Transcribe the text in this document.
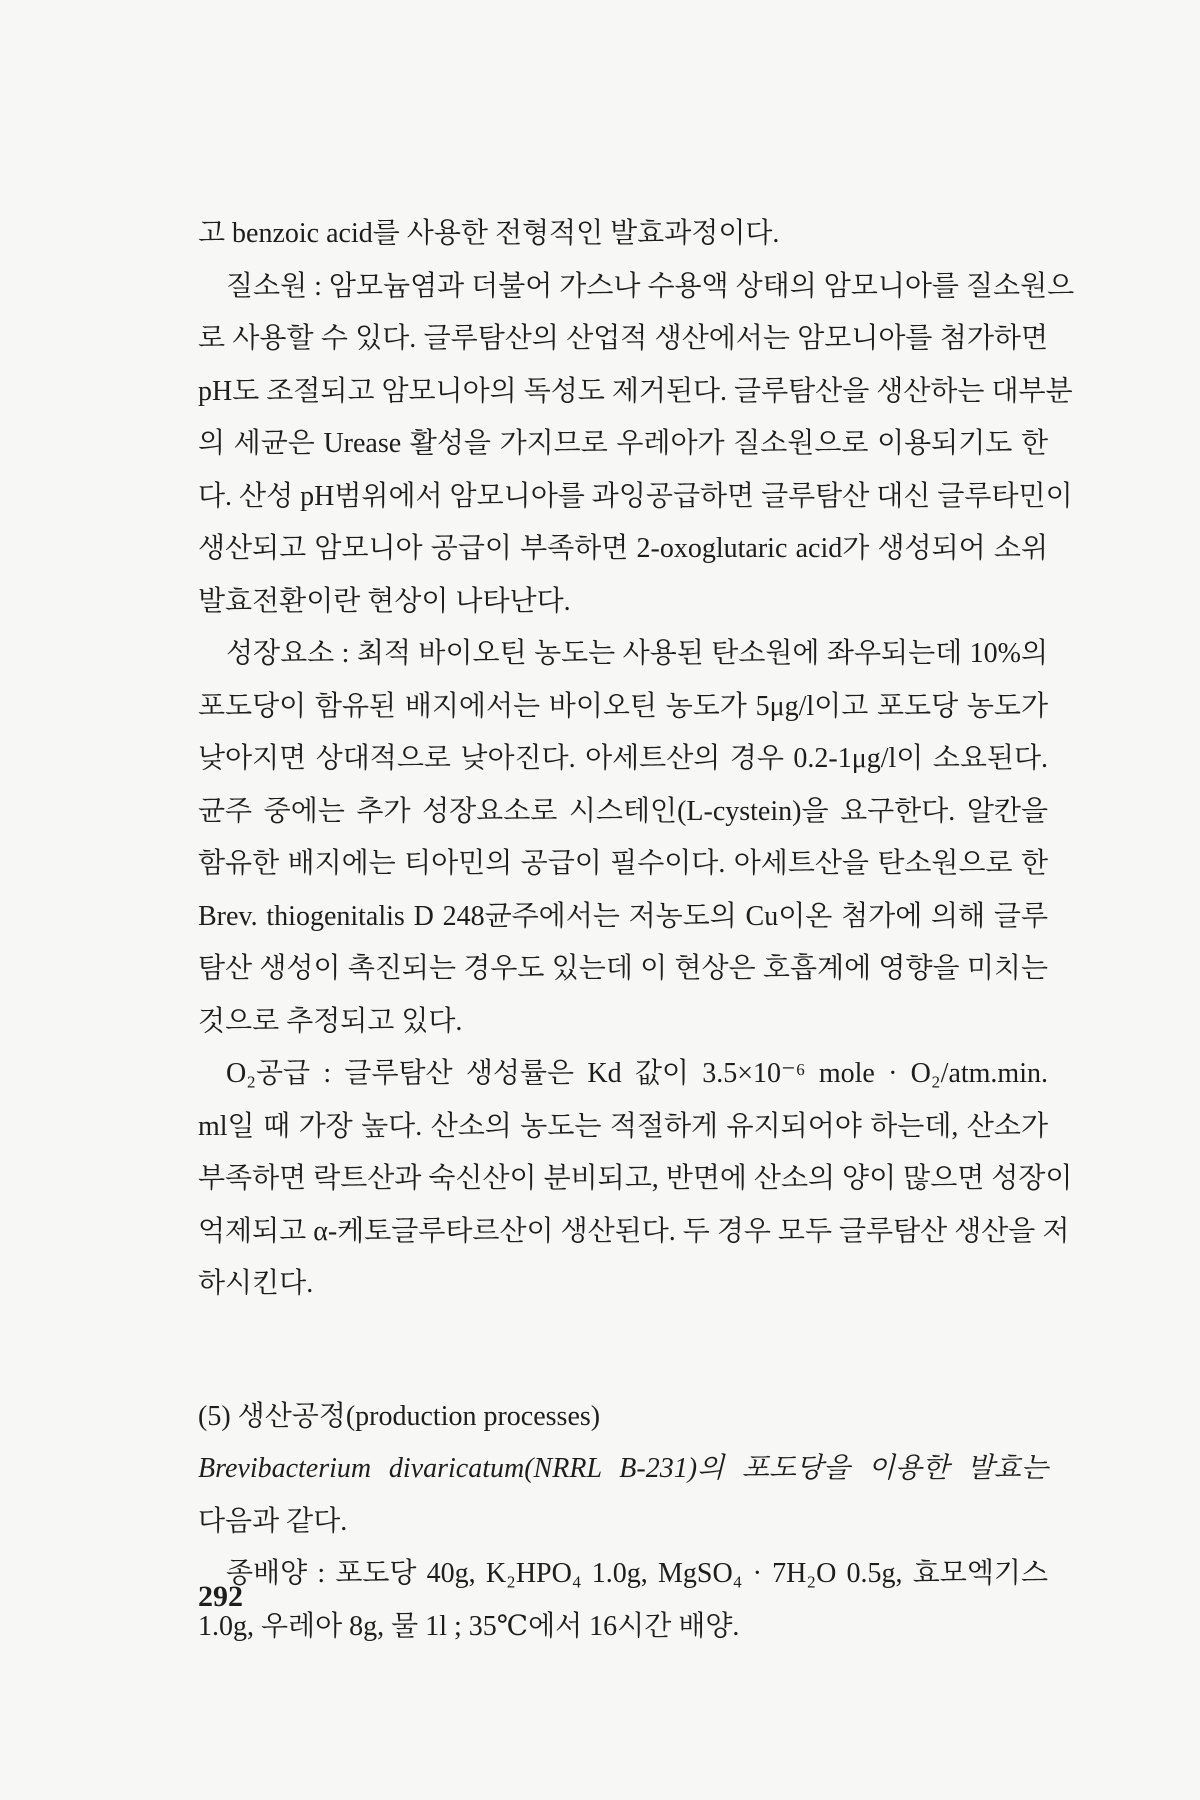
고 benzoic acid를 사용한 전형적인 발효과정이다.
질소원 : 암모늄염과 더불어 가스나 수용액 상태의 암모니아를 질소원으
로 사용할 수 있다. 글루탐산의 산업적 생산에서는 암모니아를 첨가하면
pH도 조절되고 암모니아의 독성도 제거된다. 글루탐산을 생산하는 대부분
의 세균은 Urease 활성을 가지므로 우레아가 질소원으로 이용되기도 한
다. 산성 pH범위에서 암모니아를 과잉공급하면 글루탐산 대신 글루타민이
생산되고 암모니아 공급이 부족하면 2-oxoglutaric acid가 생성되어 소위
발효전환이란 현상이 나타난다.
성장요소 : 최적 바이오틴 농도는 사용된 탄소원에 좌우되는데 10%의
포도당이 함유된 배지에서는 바이오틴 농도가 5μg/l이고 포도당 농도가
낮아지면 상대적으로 낮아진다. 아세트산의 경우 0.2-1μg/l이 소요된다.
균주 중에는 추가 성장요소로 시스테인(L-cystein)을 요구한다. 알칸을
함유한 배지에는 티아민의 공급이 필수이다. 아세트산을 탄소원으로 한
Brev. thiogenitalis D 248균주에서는 저농도의 Cu이온 첨가에 의해 글루
탐산 생성이 촉진되는 경우도 있는데 이 현상은 호흡계에 영향을 미치는
것으로 추정되고 있다.
O₂공급 : 글루탐산 생성률은 Kd 값이 3.5×10⁻⁶ mole · O₂/atm.min.
ml일 때 가장 높다. 산소의 농도는 적절하게 유지되어야 하는데, 산소가
부족하면 락트산과 숙신산이 분비되고, 반면에 산소의 양이 많으면 성장이
억제되고 α-케토글루타르산이 생산된다. 두 경우 모두 글루탐산 생산을 저
하시킨다.
(5) 생산공정(production processes)
Brevibacterium divaricatum(NRRL B-231)의 포도당을 이용한 발효는
다음과 같다.
종배양 : 포도당 40g, K₂HPO₄ 1.0g, MgSO₄ · 7H₂O 0.5g, 효모엑기스
1.0g, 우레아 8g, 물 1l ; 35℃에서 16시간 배양.
292
